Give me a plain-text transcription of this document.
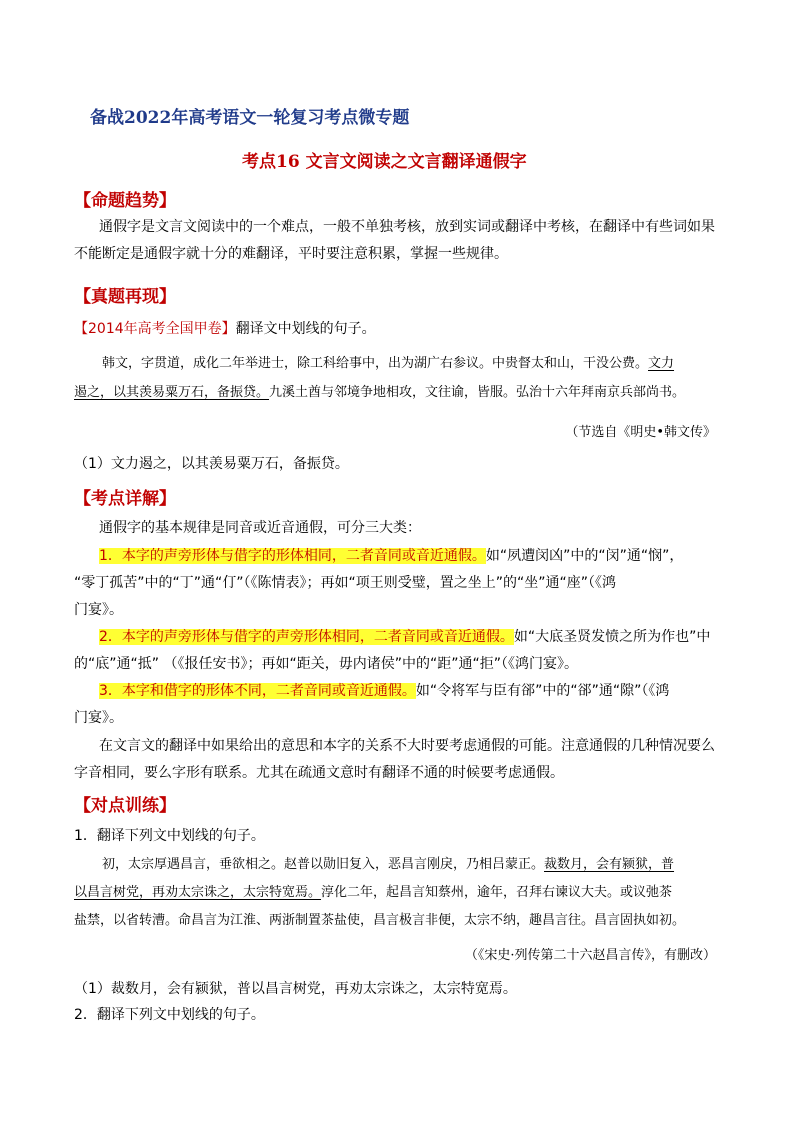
备战2022年高考语文一轮复习考点微专题
考点16 文言文阅读之文言翻译通假字
【命题趋势】
通假字是文言文阅读中的一个难点，一般不单独考核，放到实词或翻译中考核，在翻译中有些词如果
不能断定是通假字就十分的难翻译，平时要注意积累，掌握一些规律。
【真题再现】
【2014年高考全国甲卷】翻译文中划线的句子。
韩文，字贯道，成化二年举进士，除工科给事中，出为湖广右参议。中贵督太和山，干没公费。文力
遏之，以其羡易粟万石，备振贷。九溪土酋与邻境争地相攻，文往谕，皆服。弘治十六年拜南京兵部尚书。
（节选自《明史•韩文传》
（1）文力遏之，以其羡易粟万石，备振贷。
【考点详解】
通假字的基本规律是同音或近音通假，可分三大类：
1．本字的声旁形体与借字的形体相同，二者音同或音近通假。如“夙遭闵凶”中的“闵”通“悯”，
“零丁孤苦”中的“丁”通“仃”（《陈情表》；再如“项王则受璧，置之坐上”的“坐”通“座”（《鸿
门宴》。
2．本字的声旁形体与借字的声旁形体相同，二者音同或音近通假。如“大底圣贤发愤之所为作也”中
的“底”通“抵” （《报任安书》；再如“距关，毋内诸侯”中的“距”通“拒”（《鸿门宴》。
3．本字和借字的形体不同，二者音同或音近通假。如“令将军与臣有郤”中的“郤”通“隙”（《鸿
门宴》。
在文言文的翻译中如果给出的意思和本字的关系不大时要考虑通假的可能。注意通假的几种情况要么
字音相同，要么字形有联系。尤其在疏通文意时有翻译不通的时候要考虑通假。
【对点训练】
1．翻译下列文中划线的句子。
初，太宗厚遇昌言，垂欲相之。赵普以勋旧复入，恶昌言刚戾，乃相吕蒙正。裁数月，会有颍狱，普
以昌言树党，再劝太宗诛之，太宗特宽焉。淳化二年，起昌言知蔡州，逾年，召拜右谏议大夫。或议弛茶
盐禁，以省转漕。命昌言为江淮、两浙制置茶盐使，昌言极言非便，太宗不纳，趣昌言往。昌言固执如初。
（《宋史·列传第二十六赵昌言传》，有删改）
（1）裁数月，会有颍狱，普以昌言树党，再劝太宗诛之，太宗特宽焉。
2．翻译下列文中划线的句子。
